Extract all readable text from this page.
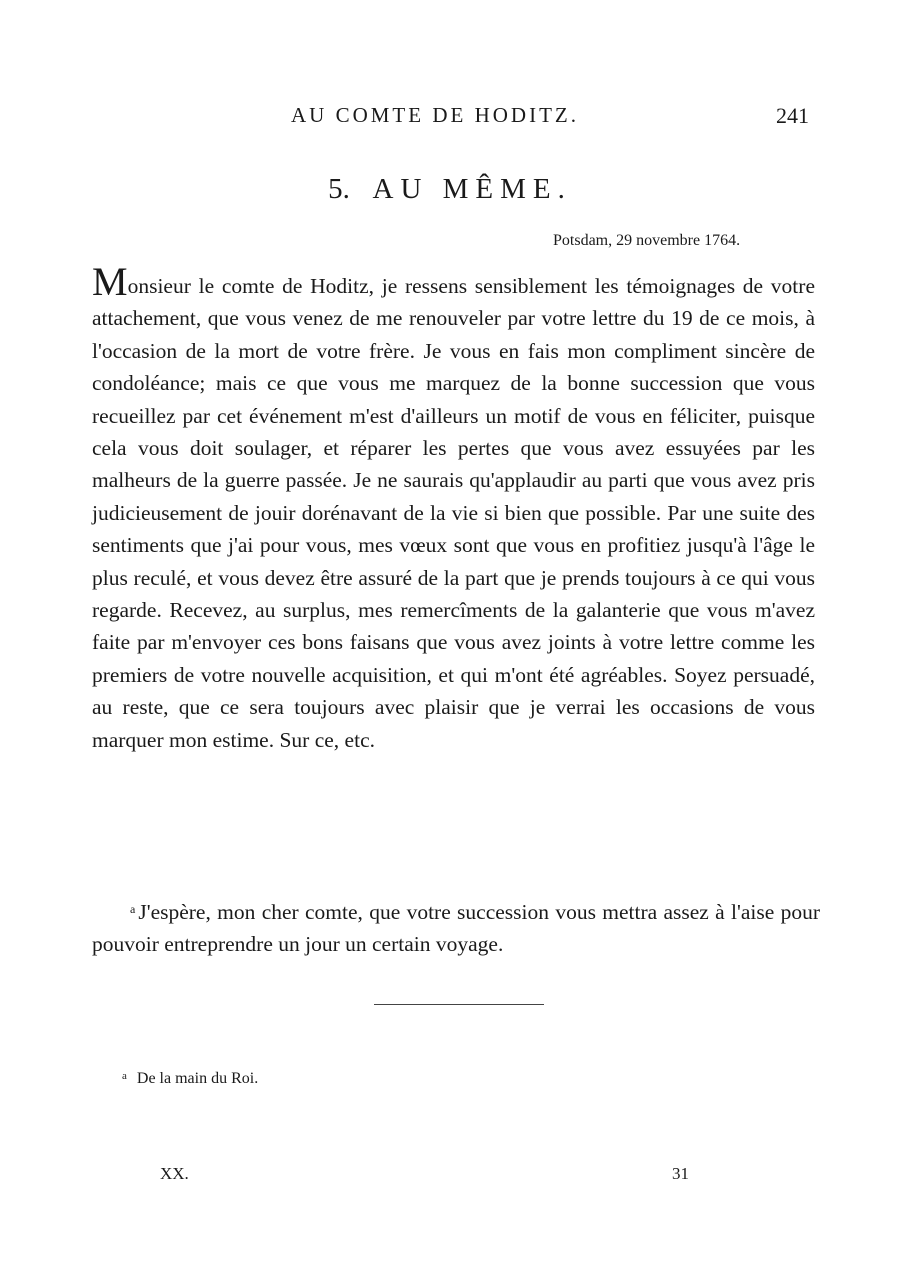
AU COMTE DE HODITZ.	241
5. AU MÊME.
Potsdam, 29 novembre 1764.

Monsieur le comte de Hoditz, je ressens sensiblement les témoignages de votre attachement, que vous venez de me renouveler par votre lettre du 19 de ce mois, à l'occasion de la mort de votre frère. Je vous en fais mon compliment sincère de condoléance; mais ce que vous me marquez de la bonne succession que vous recueillez par cet événement m'est d'ailleurs un motif de vous en féliciter, puisque cela vous doit soulager, et réparer les pertes que vous avez essuyées par les malheurs de la guerre passée. Je ne saurais qu'applaudir au parti que vous avez pris judicieusement de jouir dorénavant de la vie si bien que possible. Par une suite des sentiments que j'ai pour vous, mes vœux sont que vous en profitiez jusqu'à l'âge le plus reculé, et vous devez être assuré de la part que je prends toujours à ce qui vous regarde. Recevez, au surplus, mes remercîments de la galanterie que vous m'avez faite par m'envoyer ces bons faisans que vous avez joints à votre lettre comme les premiers de votre nouvelle acquisition, et qui m'ont été agréables. Soyez persuadé, au reste, que ce sera toujours avec plaisir que je verrai les occasions de vous marquer mon estime. Sur ce, etc.

$^a$ J'espère, mon cher comte, que votre succession vous mettra assez à l'aise pour pouvoir entreprendre un jour un certain voyage.

$^a$ De la main du Roi.
XX.	31
